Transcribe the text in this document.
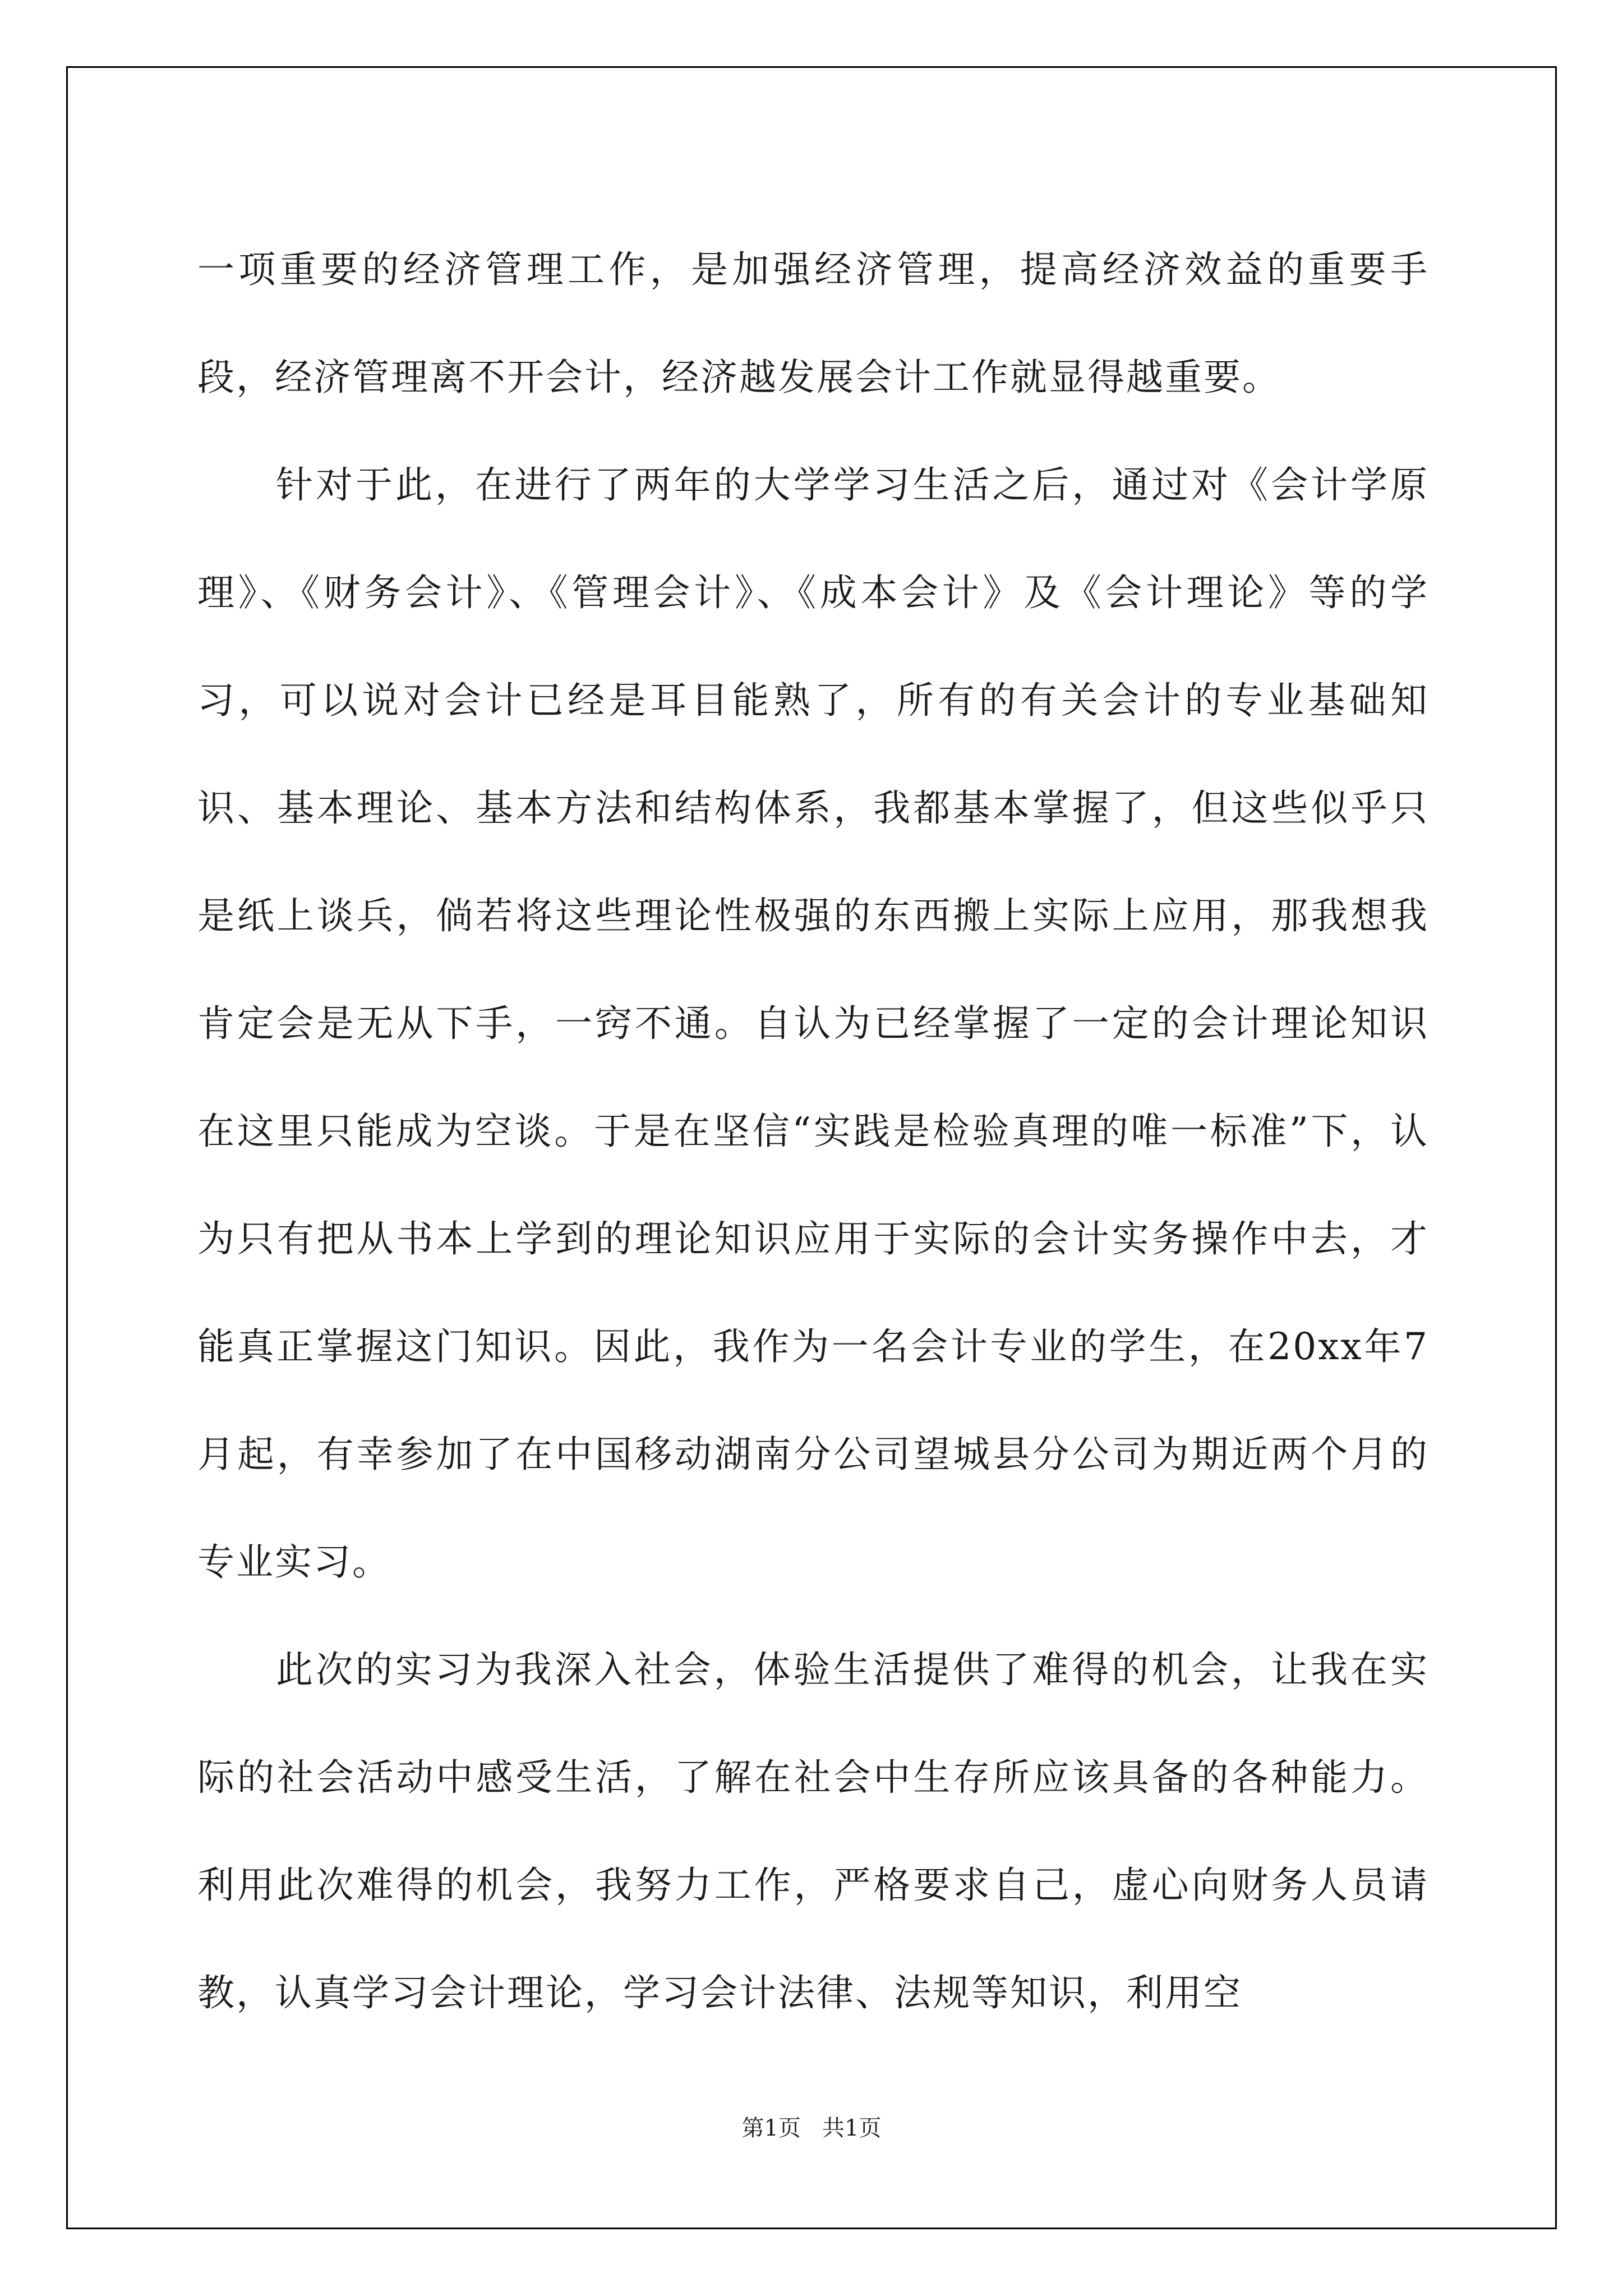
一项重要的经济管理工作，是加强经济管理，提高经济效益的重要手段，经济管理离不开会计，经济越发展会计工作就显得越重要。

针对于此，在进行了两年的大学学习生活之后，通过对《会计学原理》、《财务会计》、《管理会计》、《成本会计》及《会计理论》等的学习，可以说对会计已经是耳目能熟了，所有的有关会计的专业基础知识、基本理论、基本方法和结构体系，我都基本掌握了，但这些似乎只是纸上谈兵，倘若将这些理论性极强的东西搬上实际上应用，那我想我肯定会是无从下手，一窍不通。自认为已经掌握了一定的会计理论知识在这里只能成为空谈。于是在坚信“实践是检验真理的唯一标准”下，认为只有把从书本上学到的理论知识应用于实际的会计实务操作中去，才能真正掌握这门知识。因此，我作为一名会计专业的学生，在20xx年7月起，有幸参加了在中国移动湖南分公司望城县分公司为期近两个月的专业实习。

此次的实习为我深入社会，体验生活提供了难得的机会，让我在实际的社会活动中感受生活，了解在社会中生存所应该具备的各种能力。利用此次难得的机会，我努力工作，严格要求自己，虚心向财务人员请教，认真学习会计理论，学习会计法律、法规等知识，利用空

第1页   共1页
